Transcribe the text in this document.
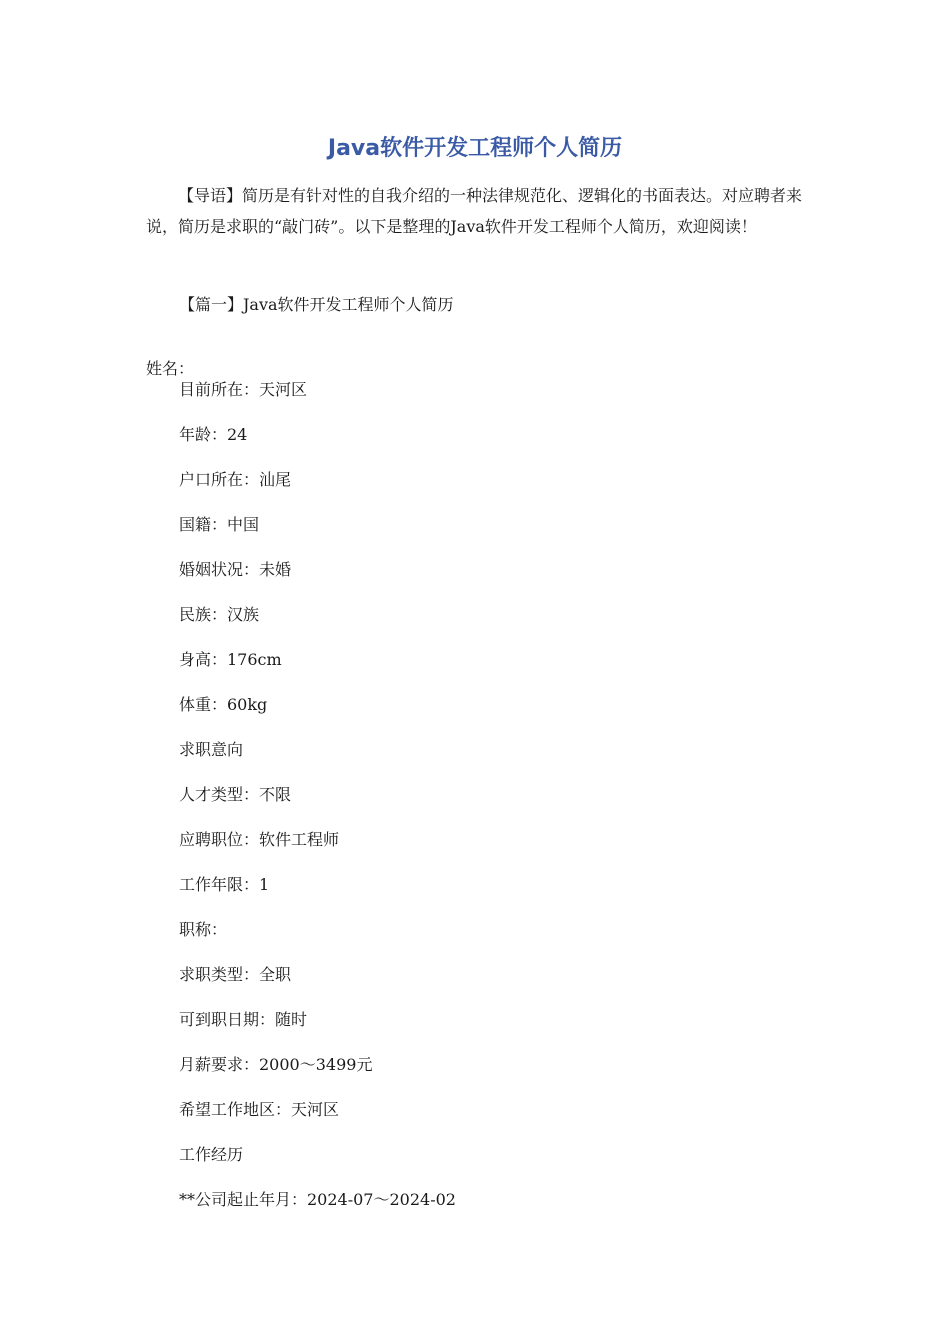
Java软件开发工程师个人简历

【导语】简历是有针对性的自我介绍的一种法律规范化、逻辑化的书面表达。对应聘者来说，简历是求职的“敲门砖”。以下是整理的Java软件开发工程师个人简历，欢迎阅读！

【篇一】Java软件开发工程师个人简历

姓名：

目前所在：天河区
年龄：24
户口所在：汕尾
国籍：中国
婚姻状况：未婚
民族：汉族
身高：176cm
体重：60kg
求职意向
人才类型：不限
应聘职位：软件工程师
工作年限：1
职称：
求职类型：全职
可到职日期：随时
月薪要求：2000～3499元
希望工作地区：天河区
工作经历
**公司起止年月：2024-07～2024-02
